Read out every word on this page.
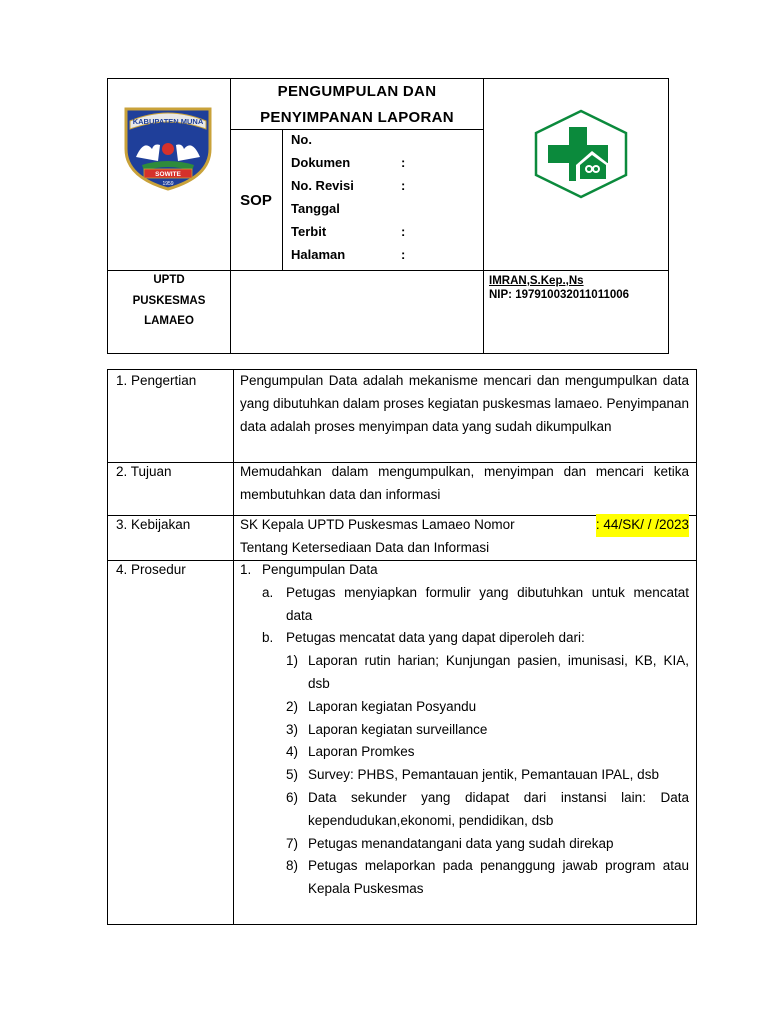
KABUPATEN MUNA
SOWITE
1959
PENGUMPULAN DAN
PENYIMPANAN LAPORAN
SOP
No.
Dokumen	:
No. Revisi	:
Tanggal
Terbit	:
Halaman	:
UPTD
PUSKESMAS
LAMAEO
IMRAN,S.Kep.,Ns
NIP: 197910032011011006
1. Pengertian	Pengumpulan Data adalah mekanisme mencari dan mengumpulkan data yang dibutuhkan dalam proses kegiatan puskesmas lamaeo. Penyimpanan data adalah proses menyimpan data yang sudah dikumpulkan
2. Tujuan	Memudahkan dalam mengumpulkan, menyimpan dan mencari ketika membutuhkan data dan informasi
3. Kebijakan	SK Kepala UPTD Puskesmas Lamaeo Nomor	: 44/SK/ / /2023
Tentang Ketersediaan Data dan Informasi
4. Prosedur	1. Pengumpulan Data
a. Petugas menyiapkan formulir yang dibutuhkan untuk mencatat data
b. Petugas mencatat data yang dapat diperoleh dari:
1) Laporan rutin harian; Kunjungan pasien, imunisasi, KB, KIA, dsb
2) Laporan kegiatan Posyandu
3) Laporan kegiatan surveillance
4) Laporan Promkes
5) Survey: PHBS, Pemantauan jentik, Pemantauan IPAL, dsb
6) Data sekunder yang didapat dari instansi lain: Data kependudukan,ekonomi, pendidikan, dsb
7) Petugas menandatangani data yang sudah direkap
8) Petugas melaporkan pada penanggung jawab program atau Kepala Puskesmas
